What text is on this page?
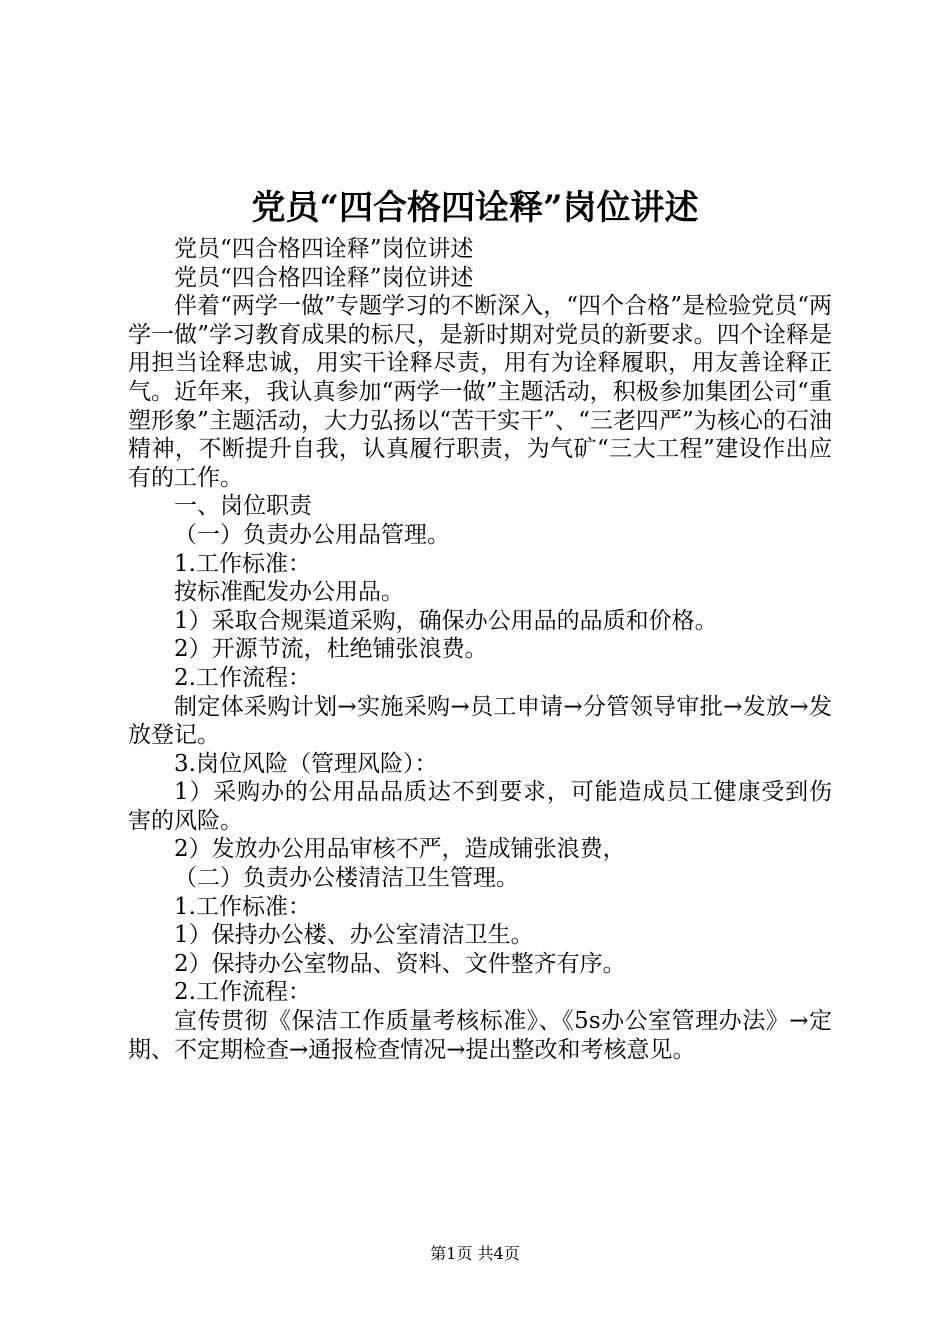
党员“四合格四诠释”岗位讲述

党员“四合格四诠释”岗位讲述

党员“四合格四诠释”岗位讲述

伴着“两学一做”专题学习的不断深入，“四个合格”是检验党员“两学一做”学习教育成果的标尺，是新时期对党员的新要求。四个诠释是用担当诠释忠诚，用实干诠释尽责，用有为诠释履职，用友善诠释正气。近年来，我认真参加“两学一做”主题活动，积极参加集团公司“重塑形象”主题活动，大力弘扬以“苦干实干”、“三老四严”为核心的石油精神，不断提升自我，认真履行职责，为气矿“三大工程”建设作出应有的工作。

一、岗位职责

（一）负责办公用品管理。

1.工作标准：

按标准配发办公用品。

1）采取合规渠道采购，确保办公用品的品质和价格。

2）开源节流，杜绝铺张浪费。

2.工作流程：

制定体采购计划→实施采购→员工申请→分管领导审批→发放→发放登记。

3.岗位风险（管理风险）：

1）采购办的公用品品质达不到要求，可能造成员工健康受到伤害的风险。

2）发放办公用品审核不严，造成铺张浪费，

（二）负责办公楼清洁卫生管理。

1.工作标准：

1）保持办公楼、办公室清洁卫生。

2）保持办公室物品、资料、文件整齐有序。

2.工作流程：

宣传贯彻《保洁工作质量考核标准》、《5s办公室管理办法》→定期、不定期检查→通报检查情况→提出整改和考核意见。

第1页 共4页
